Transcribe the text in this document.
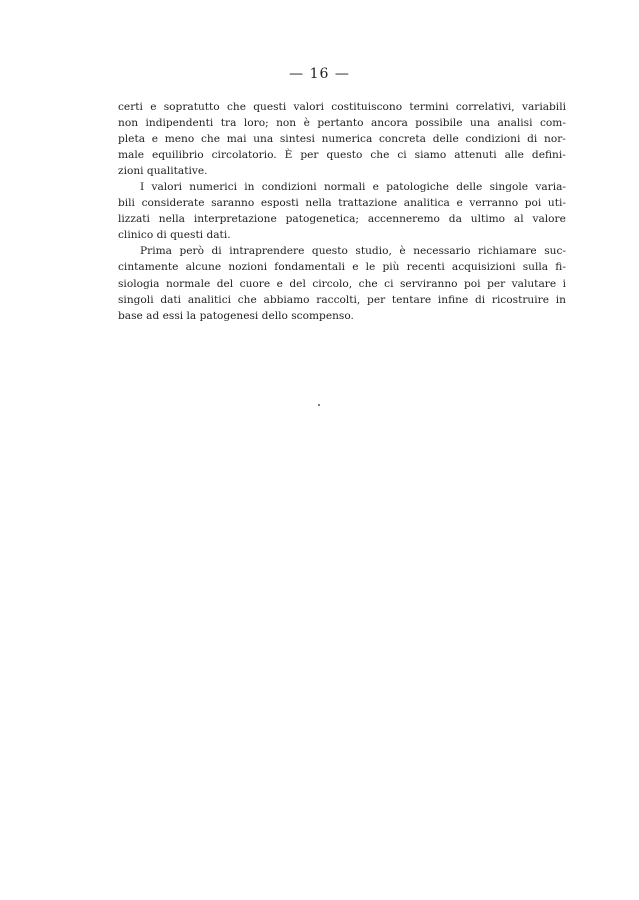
— 16 —
certi e sopratutto che questi valori costituiscono termini correlativi, variabili
non indipendenti tra loro; non è pertanto ancora possibile una analisi com-
pleta e meno che mai una sintesi numerica concreta delle condizioni di nor-
male equilibrio circolatorio. È per questo che ci siamo attenuti alle defini-
zioni qualitative.
I valori numerici in condizioni normali e patologiche delle singole varia-
bili considerate saranno esposti nella trattazione analitica e verranno poi uti-
lizzati nella interpretazione patogenetica; accenneremo da ultimo al valore
clinico di questi dati.
Prima però di intraprendere questo studio, è necessario richiamare suc-
cintamente alcune nozioni fondamentali e le più recenti acquisizioni sulla fi-
siologia normale del cuore e del circolo, che ci serviranno poi per valutare i
singoli dati analitici che abbiamo raccolti, per tentare infine di ricostruire in
base ad essi la patogenesi dello scompenso.
